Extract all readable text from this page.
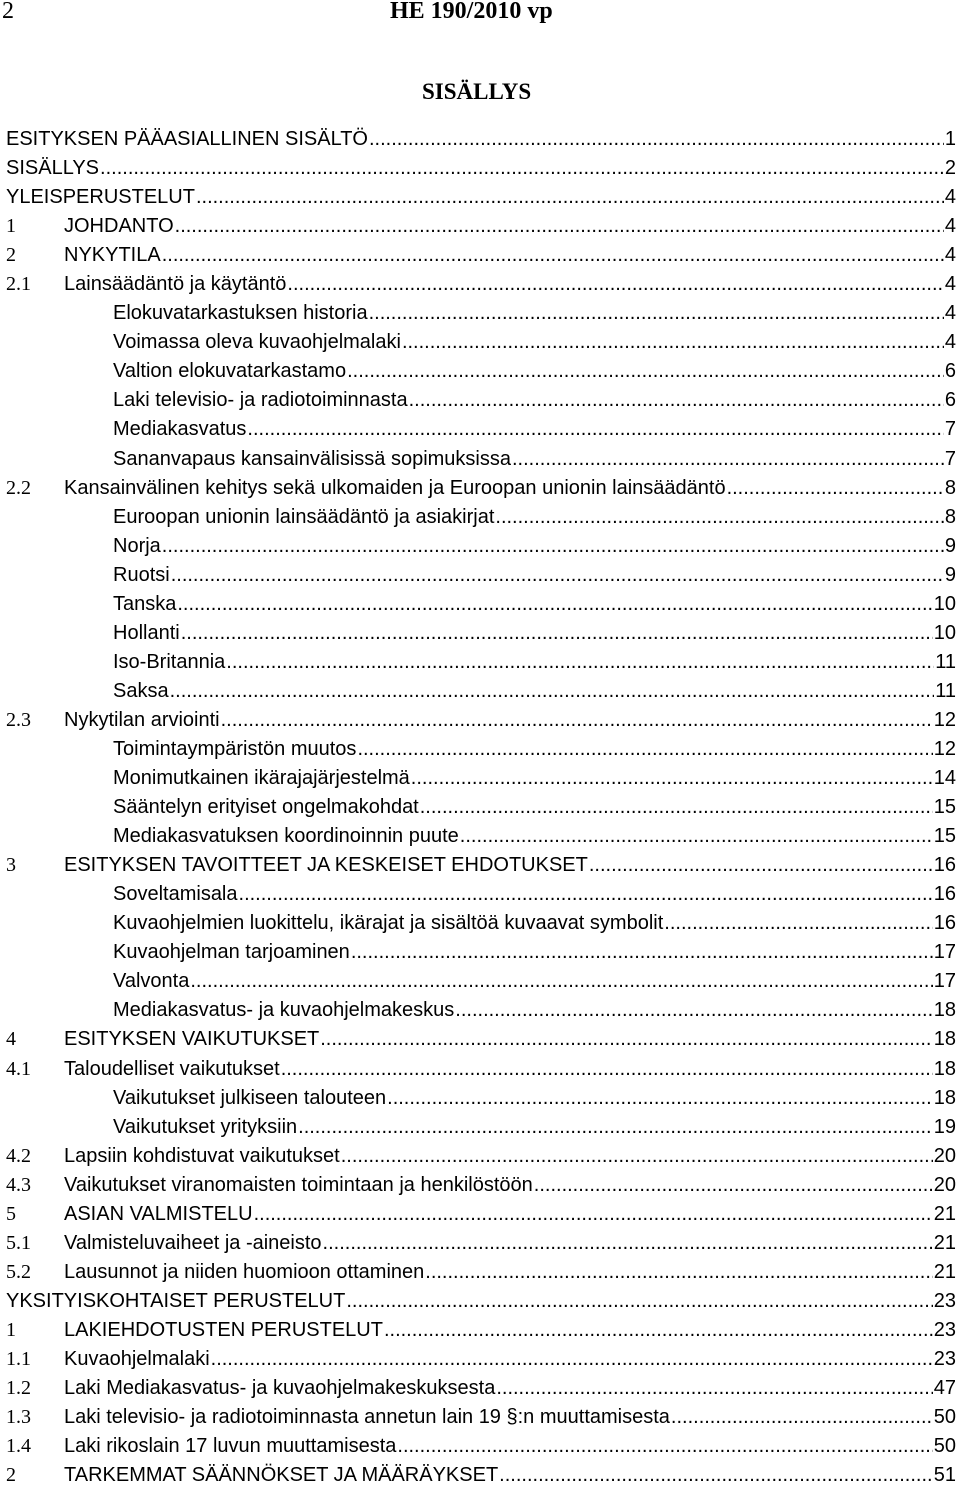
2	HE 190/2010 vp
SISÄLLYS
ESITYKSEN PÄÄASIALLINEN SISÄLTÖ .....	1
SISÄLLYS .....	2
YLEISPERUSTELUT .....	4
1	JOHDANTO .....	4
2	NYKYTILA .....	4
2.1	Lainsäädäntö ja käytäntö .....	4
Elokuvatarkastuksen historia .....	4
Voimassa oleva kuvaohjelmalaki .....	4
Valtion elokuvatarkastamo .....	6
Laki televisio- ja radiotoiminnasta .....	6
Mediakasvatus .....	7
Sananvapaus kansainvälisissä sopimuksissa .....	7
2.2	Kansainvälinen kehitys sekä ulkomaiden ja Euroopan unionin lainsäädäntö .....	8
Euroopan unionin lainsäädäntö ja asiakirjat .....	8
Norja .....	9
Ruotsi .....	9
Tanska .....	10
Hollanti .....	10
Iso-Britannia .....	11
Saksa .....	11
2.3	Nykytilan arviointi .....	12
Toimintaympäristön muutos .....	12
Monimutkainen ikärajajärjestelmä .....	14
Sääntelyn erityiset ongelmakohdat .....	15
Mediakasvatuksen koordinoinnin puute .....	15
3	ESITYKSEN TAVOITTEET JA KESKEISET EHDOTUKSET .....	16
Soveltamisala .....	16
Kuvaohjelmien luokittelu, ikärajat ja sisältöä kuvaavat symbolit .....	16
Kuvaohjelman tarjoaminen .....	17
Valvonta .....	17
Mediakasvatus- ja kuvaohjelmakeskus .....	18
4	ESITYKSEN VAIKUTUKSET .....	18
4.1	Taloudelliset vaikutukset .....	18
Vaikutukset julkiseen talouteen .....	18
Vaikutukset yrityksiin .....	19
4.2	Lapsiin kohdistuvat vaikutukset .....	20
4.3	Vaikutukset viranomaisten toimintaan ja henkilöstöön .....	20
5	ASIAN VALMISTELU .....	21
5.1	Valmisteluvaiheet ja -aineisto .....	21
5.2	Lausunnot ja niiden huomioon ottaminen .....	21
YKSITYISKOHTAISET PERUSTELUT .....	23
1	LAKIEHDOTUSTEN PERUSTELUT .....	23
1.1	Kuvaohjelmalaki .....	23
1.2	Laki Mediakasvatus- ja kuvaohjelmakeskuksesta .....	47
1.3	Laki televisio- ja radiotoiminnasta annetun lain 19 §:n muuttamisesta .....	50
1.4	Laki rikoslain 17 luvun muuttamisesta .....	50
2	TARKEMMAT SÄÄNNÖKSET JA MÄÄRÄYKSET .....	51
